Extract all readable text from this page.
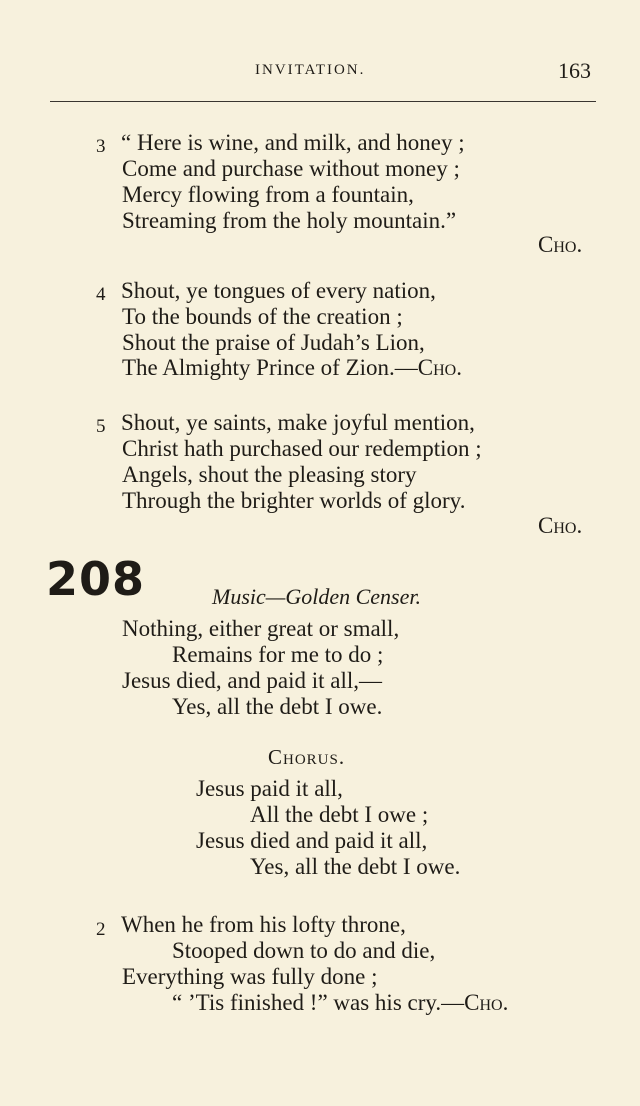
INVITATION.	163
3 “ Here is wine, and milk, and honey ;
Come and purchase without money ;
Mercy flowing from a fountain,
Streaming from the holy mountain.”
Cho.
4 Shout, ye tongues of every nation,
To the bounds of the creation ;
Shout the praise of Judah’s Lion,
The Almighty Prince of Zion.—Cho.
5 Shout, ye saints, make joyful mention,
Christ hath purchased our redemption ;
Angels, shout the pleasing story
Through the brighter worlds of glory.
Cho.
208	Music—Golden Censer.
Nothing, either great or small,
Remains for me to do ;
Jesus died, and paid it all,—
Yes, all the debt I owe.
Chorus.
Jesus paid it all,
All the debt I owe ;
Jesus died and paid it all,
Yes, all the debt I owe.
2 When he from his lofty throne,
Stooped down to do and die,
Everything was fully done ;
“ ’Tis finished !” was his cry.—Cho.
